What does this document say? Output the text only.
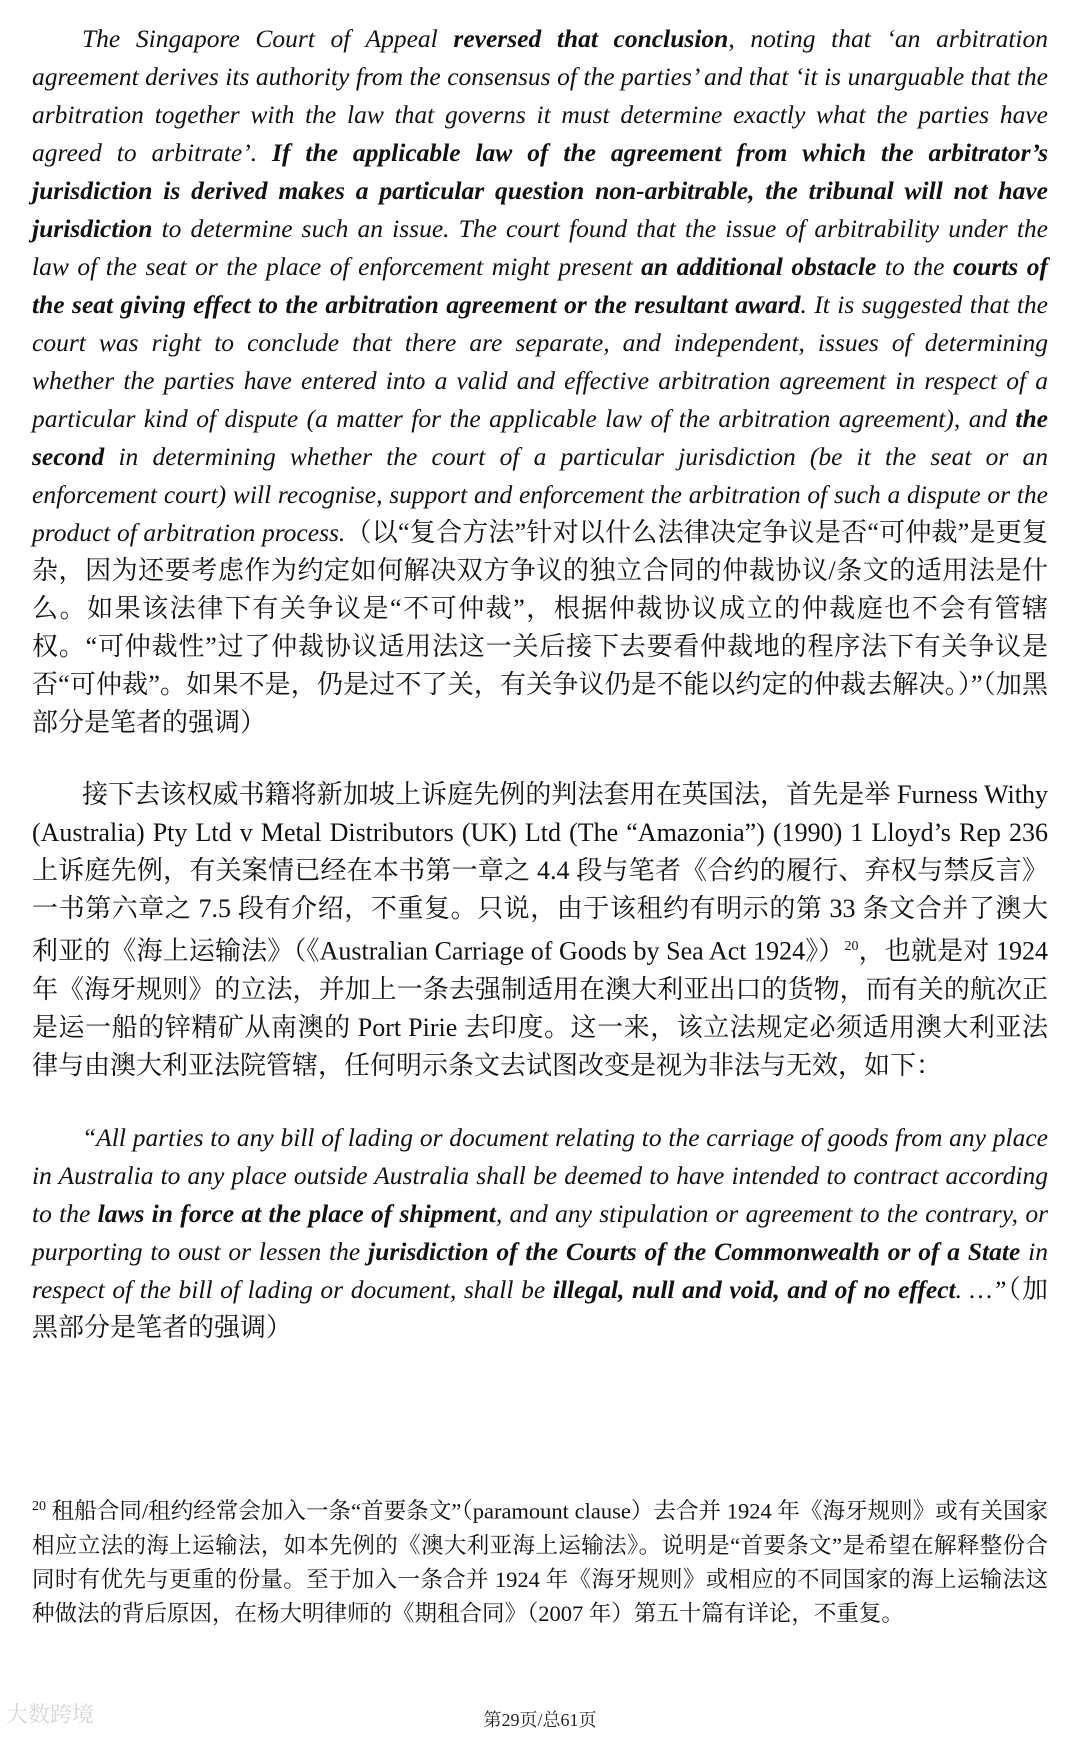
The Singapore Court of Appeal reversed that conclusion, noting that ‘an arbitration agreement derives its authority from the consensus of the parties’ and that ‘it is unarguable that the arbitration together with the law that governs it must determine exactly what the parties have agreed to arbitrate’. If the applicable law of the agreement from which the arbitrator’s jurisdiction is derived makes a particular question non-arbitrable, the tribunal will not have jurisdiction to determine such an issue. The court found that the issue of arbitrability under the law of the seat or the place of enforcement might present an additional obstacle to the courts of the seat giving effect to the arbitration agreement or the resultant award. It is suggested that the court was right to conclude that there are separate, and independent, issues of determining whether the parties have entered into a valid and effective arbitration agreement in respect of a particular kind of dispute (a matter for the applicable law of the arbitration agreement), and the second in determining whether the court of a particular jurisdiction (be it the seat or an enforcement court) will recognise, support and enforcement the arbitration of such a dispute or the product of arbitration process.（以“复合方法”针对以什么法律决定争议是否“可仲裁”是更复杂，因为还要考虑作为约定如何解决双方争议的独立合同的仲裁协议/条文的适用法是什么。如果该法律下有关争议是“不可仲裁”，根据仲裁协议成立的仲裁庭也不会有管辖权。“可仲裁性”过了仲裁协议适用法这一关后接下去要看仲裁地的程序法下有关争议是否“可仲裁”。如果不是，仍是过不了关，有关争议仍是不能以约定的仲裁去解决。）”（加黑部分是笔者的强调）

接下去该权威书籍将新加坡上诉庭先例的判法套用在英国法，首先是举 Furness Withy (Australia) Pty Ltd v Metal Distributors (UK) Ltd (The “Amazonia”) (1990) 1 Lloyd’s Rep 236 上诉庭先例，有关案情已经在本书第一章之 4.4 段与笔者《合约的履行、弃权与禁反言》一书第六章之 7.5 段有介绍，不重复。只说，由于该租约有明示的第 33 条文合并了澳大利亚的《海上运输法》（《Australian Carriage of Goods by Sea Act 1924》）$^{20}$，也就是对 1924 年《海牙规则》的立法，并加上一条去强制适用在澳大利亚出口的货物，而有关的航次正是运一船的锌精矿从南澳的 Port Pirie 去印度。这一来，该立法规定必须适用澳大利亚法律与由澳大利亚法院管辖，任何明示条文去试图改变是视为非法与无效，如下：

“All parties to any bill of lading or document relating to the carriage of goods from any place in Australia to any place outside Australia shall be deemed to have intended to contract according to the laws in force at the place of shipment, and any stipulation or agreement to the contrary, or purporting to oust or lessen the jurisdiction of the Courts of the Commonwealth or of a State in respect of the bill of lading or document, shall be illegal, null and void, and of no effect. …”（加黑部分是笔者的强调）

$^{20}$ 租船合同/租约经常会加入一条“首要条文”（paramount clause）去合并 1924 年《海牙规则》或有关国家相应立法的海上运输法，如本先例的《澳大利亚海上运输法》。说明是“首要条文”是希望在解释整份合同时有优先与更重的份量。至于加入一条合并 1924 年《海牙规则》或相应的不同国家的海上运输法这种做法的背后原因，在杨大明律师的《期租合同》（2007 年）第五十篇有详论，不重复。
大数跨境	第29页/总61页
